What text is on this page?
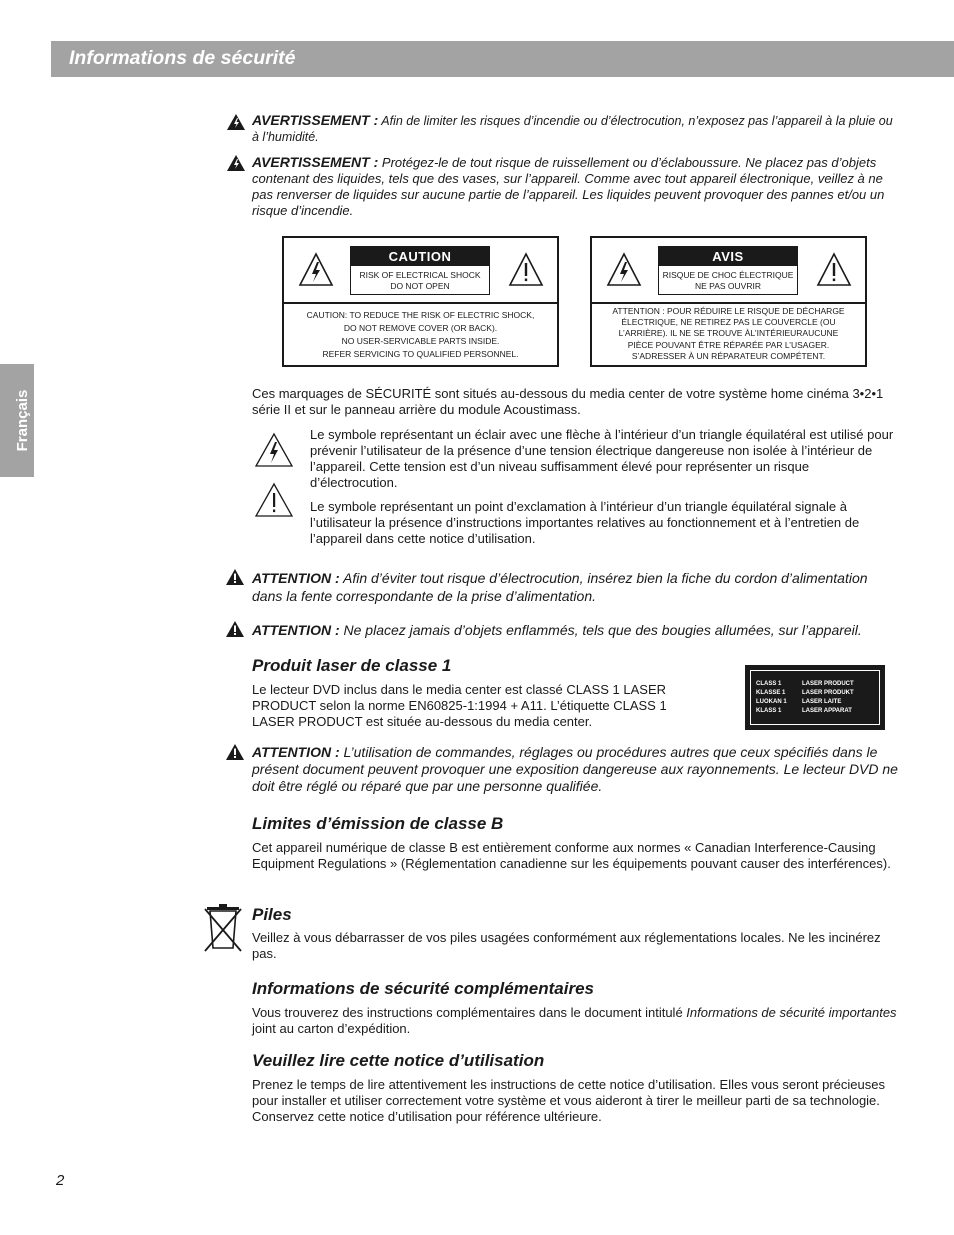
Informations de sécurité
Français

AVERTISSEMENT : Afin de limiter les risques d’incendie ou d’électrocution, n’exposez pas l’appareil à la pluie ou à l’humidité.

AVERTISSEMENT : Protégez-le de tout risque de ruissellement ou d’éclaboussure. Ne placez pas d’objets contenant des liquides, tels que des vases, sur l’appareil. Comme avec tout appareil électronique, veillez à ne pas renverser de liquides sur aucune partie de l’appareil. Les liquides peuvent provoquer des pannes et/ou un risque d’incendie.

CAUTION
RISK OF ELECTRICAL SHOCK
DO NOT OPEN
CAUTION: TO REDUCE THE RISK OF ELECTRIC SHOCK,
DO NOT REMOVE COVER (OR BACK).
NO USER-SERVICABLE PARTS INSIDE.
REFER SERVICING TO QUALIFIED PERSONNEL.
AVIS
RISQUE DE CHOC ÉLECTRIQUE
NE PAS OUVRIR
ATTENTION : POUR RÉDUIRE LE RISQUE DE DÉCHARGE
ÉLECTRIQUE, NE RETIREZ PAS LE COUVERCLE (OU
L’ARRIÈRE). IL NE SE TROUVE ÀL’INTÉRIEURAUCUNE
PIÈCE POUVANT ÊTRE RÉPARÉE PAR L’USAGER.
S’ADRESSER À UN RÉPARATEUR COMPÉTENT.

Ces marquages de SÉCURITÉ sont situés au-dessous du media center de votre système home cinéma 3•2•1 série II et sur le panneau arrière du module Acoustimass.

Le symbole représentant un éclair avec une flèche à l’intérieur d’un triangle équilatéral est utilisé pour prévenir l’utilisateur de la présence d’une tension électrique dangereuse non isolée à l’intérieur de l’appareil. Cette tension est d’un niveau suffisamment élevé pour représenter un risque d’électrocution.

Le symbole représentant un point d’exclamation à l’intérieur d’un triangle équilatéral signale à l’utilisateur la présence d’instructions importantes relatives au fonctionnement et à l’entretien de l’appareil dans cette notice d’utilisation.

ATTENTION : Afin d’éviter tout risque d’électrocution, insérez bien la fiche du cordon d’alimentation dans la fente correspondante de la prise d’alimentation.

ATTENTION : Ne placez jamais d’objets enflammés, tels que des bougies allumées, sur l’appareil.

Produit laser de classe 1

Le lecteur DVD inclus dans le media center est classé CLASS 1 LASER PRODUCT selon la norme EN60825-1:1994 + A11. L’étiquette CLASS 1 LASER PRODUCT est située au-dessous du media center.

CLASS 1	LASER PRODUCT
KLASSE 1	LASER PRODUKT
LUOKAN 1	LASER LAITE
KLASS 1	LASER APPARAT

ATTENTION : L’utilisation de commandes, réglages ou procédures autres que ceux spécifiés dans le présent document peuvent provoquer une exposition dangereuse aux rayonnements. Le lecteur DVD ne doit être réglé ou réparé que par une personne qualifiée.

Limites d’émission de classe B

Cet appareil numérique de classe B est entièrement conforme aux normes « Canadian Interference-Causing Equipment Regulations » (Réglementation canadienne sur les équipements pouvant causer des interférences).

Piles

Veillez à vous débarrasser de vos piles usagées conformément aux réglementations locales. Ne les incinérez pas.

Informations de sécurité complémentaires

Vous trouverez des instructions complémentaires dans le document intitulé Informations de sécurité importantes joint au carton d’expédition.

Veuillez lire cette notice d’utilisation

Prenez le temps de lire attentivement les instructions de cette notice d’utilisation. Elles vous seront précieuses pour installer et utiliser correctement votre système et vous aideront à tirer le meilleur parti de sa technologie. Conservez cette notice d’utilisation pour référence ultérieure.

2
